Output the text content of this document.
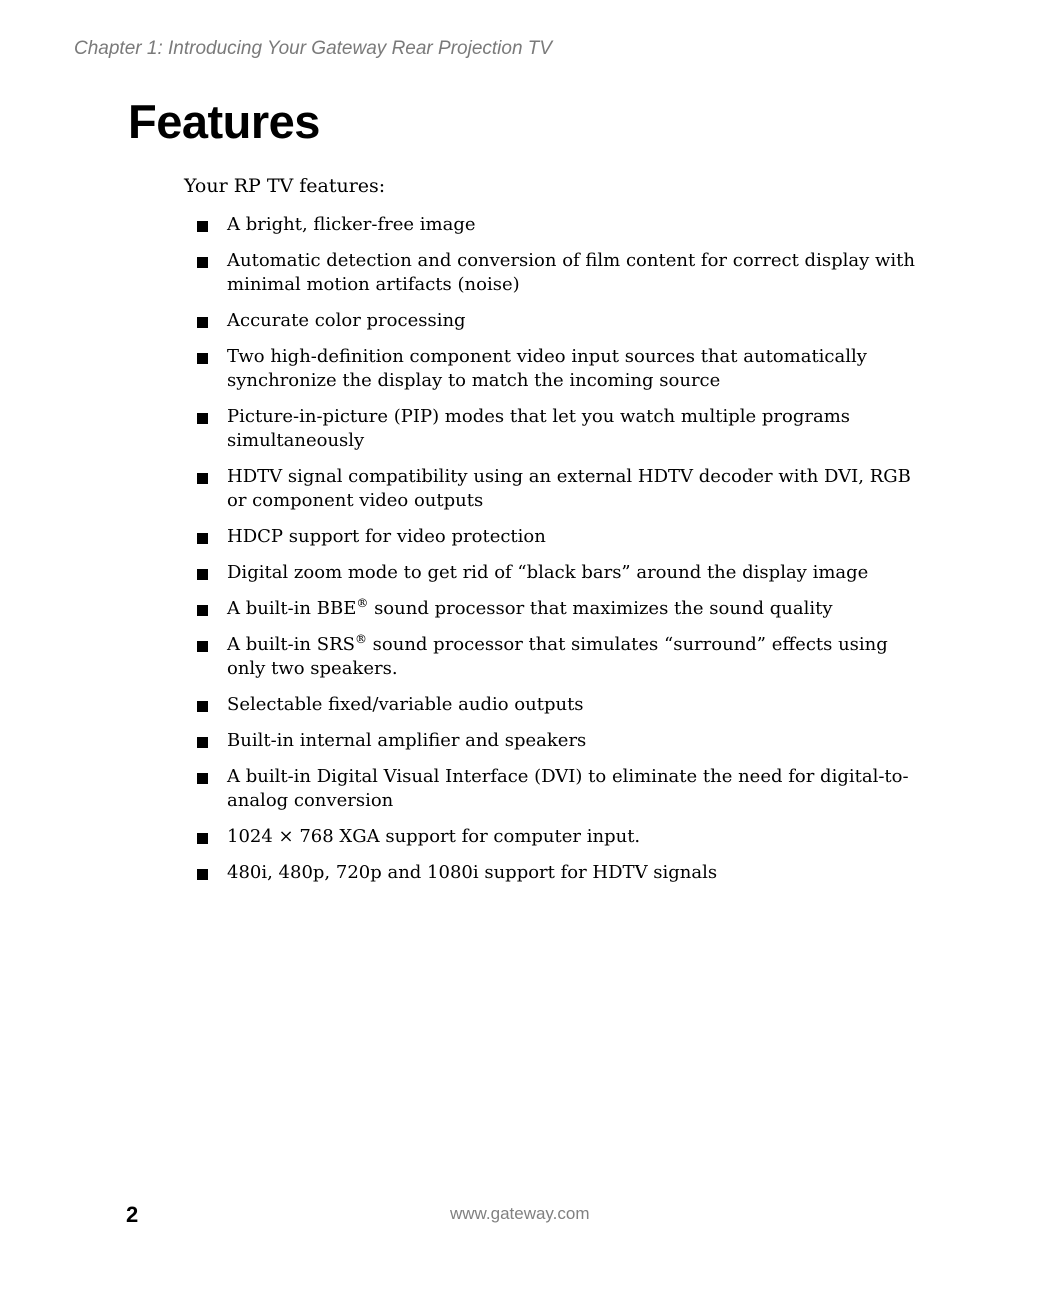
Chapter 1: Introducing Your Gateway Rear Projection TV
Features

Your RP TV features:

A bright, flicker-free image
Automatic detection and conversion of film content for correct display with minimal motion artifacts (noise)
Accurate color processing
Two high-definition component video input sources that automatically synchronize the display to match the incoming source
Picture-in-picture (PIP) modes that let you watch multiple programs simultaneously
HDTV signal compatibility using an external HDTV decoder with DVI, RGB or component video outputs
HDCP support for video protection
Digital zoom mode to get rid of “black bars” around the display image
A built-in BBE® sound processor that maximizes the sound quality
A built-in SRS® sound processor that simulates “surround” effects using only two speakers.
Selectable fixed/variable audio outputs
Built-in internal amplifier and speakers
A built-in Digital Visual Interface (DVI) to eliminate the need for digital-to-analog conversion
1024 × 768 XGA support for computer input.
480i, 480p, 720p and 1080i support for HDTV signals
2	www.gateway.com
